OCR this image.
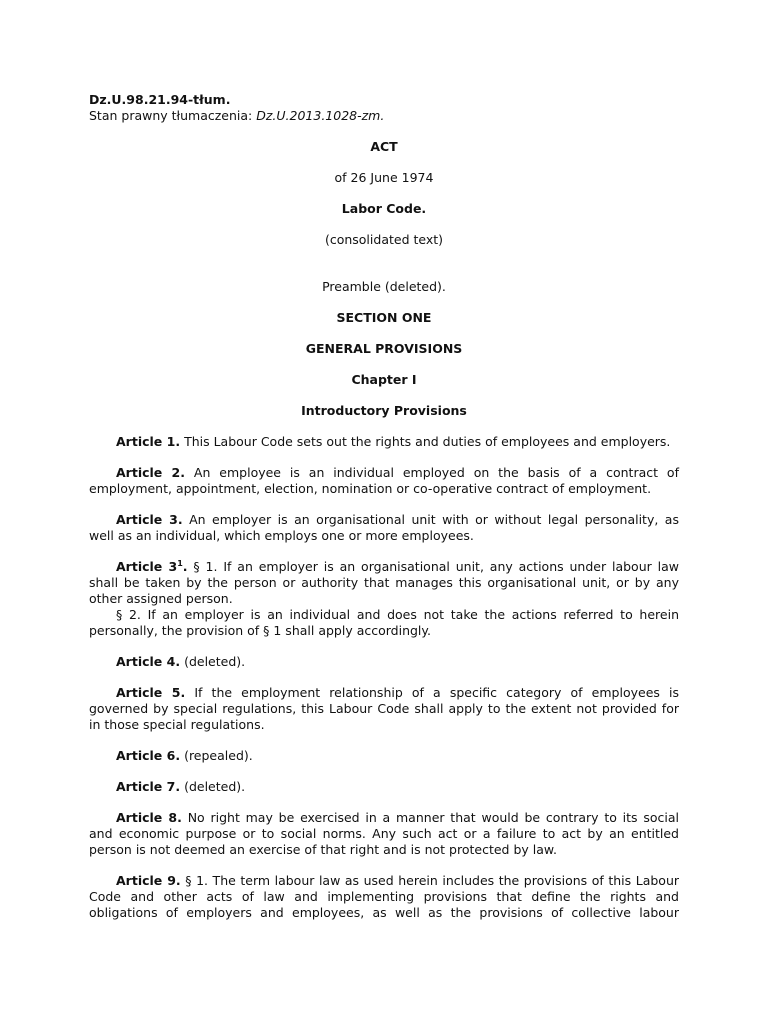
Dz.U.98.21.94-tłum.
Stan prawny tłumaczenia: Dz.U.2013.1028-zm.
ACT
of 26 June 1974
Labor Code.
(consolidated text)
Preamble (deleted).
SECTION ONE
GENERAL PROVISIONS
Chapter I
Introductory Provisions
Article 1. This Labour Code sets out the rights and duties of employees and employers.
Article 2. An employee is an individual employed on the basis of a contract of
employment, appointment, election, nomination or co-operative contract of employment.
Article 3. An employer is an organisational unit with or without legal personality, as
well as an individual, which employs one or more employees.
Article $3^1$. § 1. If an employer is an organisational unit, any actions under labour law
shall be taken by the person or authority that manages this organisational unit, or by any
other assigned person.
§ 2. If an employer is an individual and does not take the actions referred to herein
personally, the provision of § 1 shall apply accordingly.
Article 4. (deleted).
Article 5. If the employment relationship of a specific category of employees is
governed by special regulations, this Labour Code shall apply to the extent not provided for
in those special regulations.
Article 6. (repealed).
Article 7. (deleted).
Article 8. No right may be exercised in a manner that would be contrary to its social
and economic purpose or to social norms. Any such act or a failure to act by an entitled
person is not deemed an exercise of that right and is not protected by law.
Article 9. § 1. The term labour law as used herein includes the provisions of this Labour
Code and other acts of law and implementing provisions that define the rights and
obligations of employers and employees, as well as the provisions of collective labour
